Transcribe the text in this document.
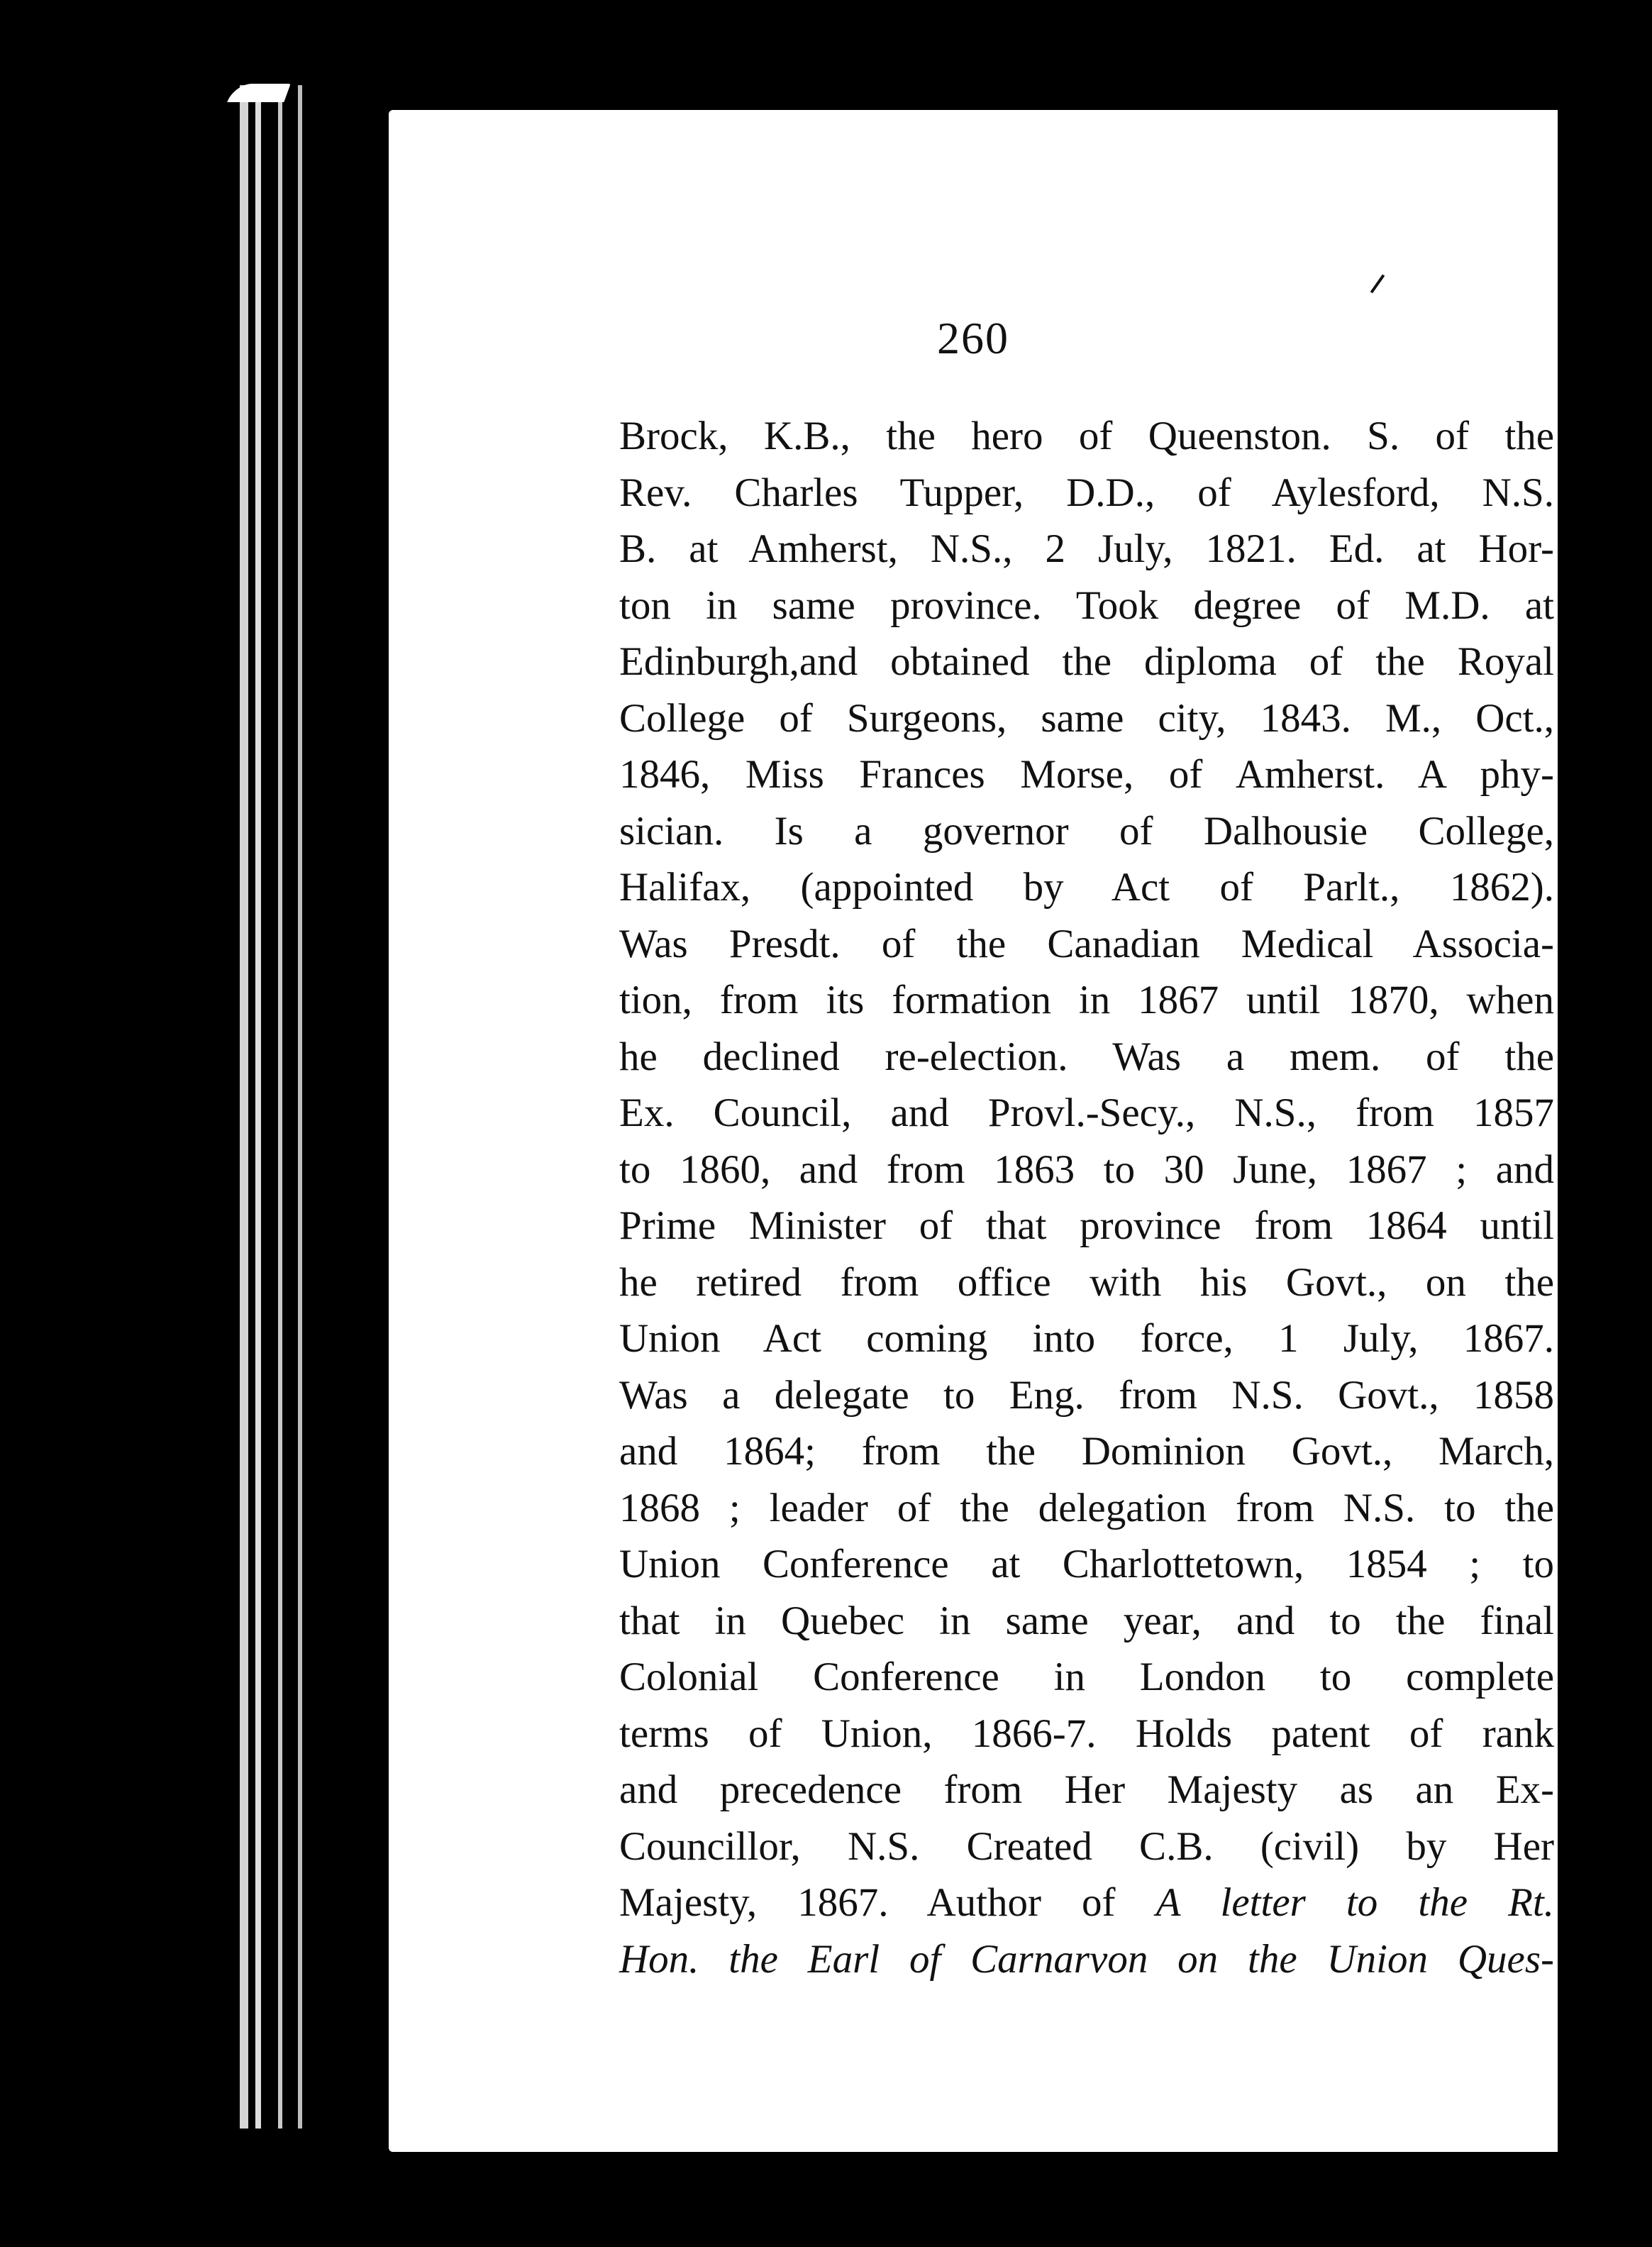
260
Brock, K.B., the hero of Queenston. S. of the
Rev. Charles Tupper, D.D., of Aylesford, N.S.
B. at Amherst, N.S., 2 July, 1821. Ed. at Hor-
ton in same province. Took degree of M.D. at
Edinburgh,and obtained the diploma of the Royal
College of Surgeons, same city, 1843. M., Oct.,
1846, Miss Frances Morse, of Amherst. A phy-
sician. Is a governor of Dalhousie College,
Halifax, (appointed by Act of Parlt., 1862).
Was Presdt. of the Canadian Medical Associa-
tion, from its formation in 1867 until 1870, when
he declined re-election. Was a mem. of the
Ex. Council, and Provl.-Secy., N.S., from 1857
to 1860, and from 1863 to 30 June, 1867 ; and
Prime Minister of that province from 1864 until
he retired from office with his Govt., on the
Union Act coming into force, 1 July, 1867.
Was a delegate to Eng. from N.S. Govt., 1858
and 1864; from the Dominion Govt., March,
1868 ; leader of the delegation from N.S. to the
Union Conference at Charlottetown, 1854 ; to
that in Quebec in same year, and to the final
Colonial Conference in London to complete
terms of Union, 1866-7. Holds patent of rank
and precedence from Her Majesty as an Ex-
Councillor, N.S. Created C.B. (civil) by Her
Majesty, 1867. Author of A letter to the Rt.
Hon. the Earl of Carnarvon on the Union Ques-
